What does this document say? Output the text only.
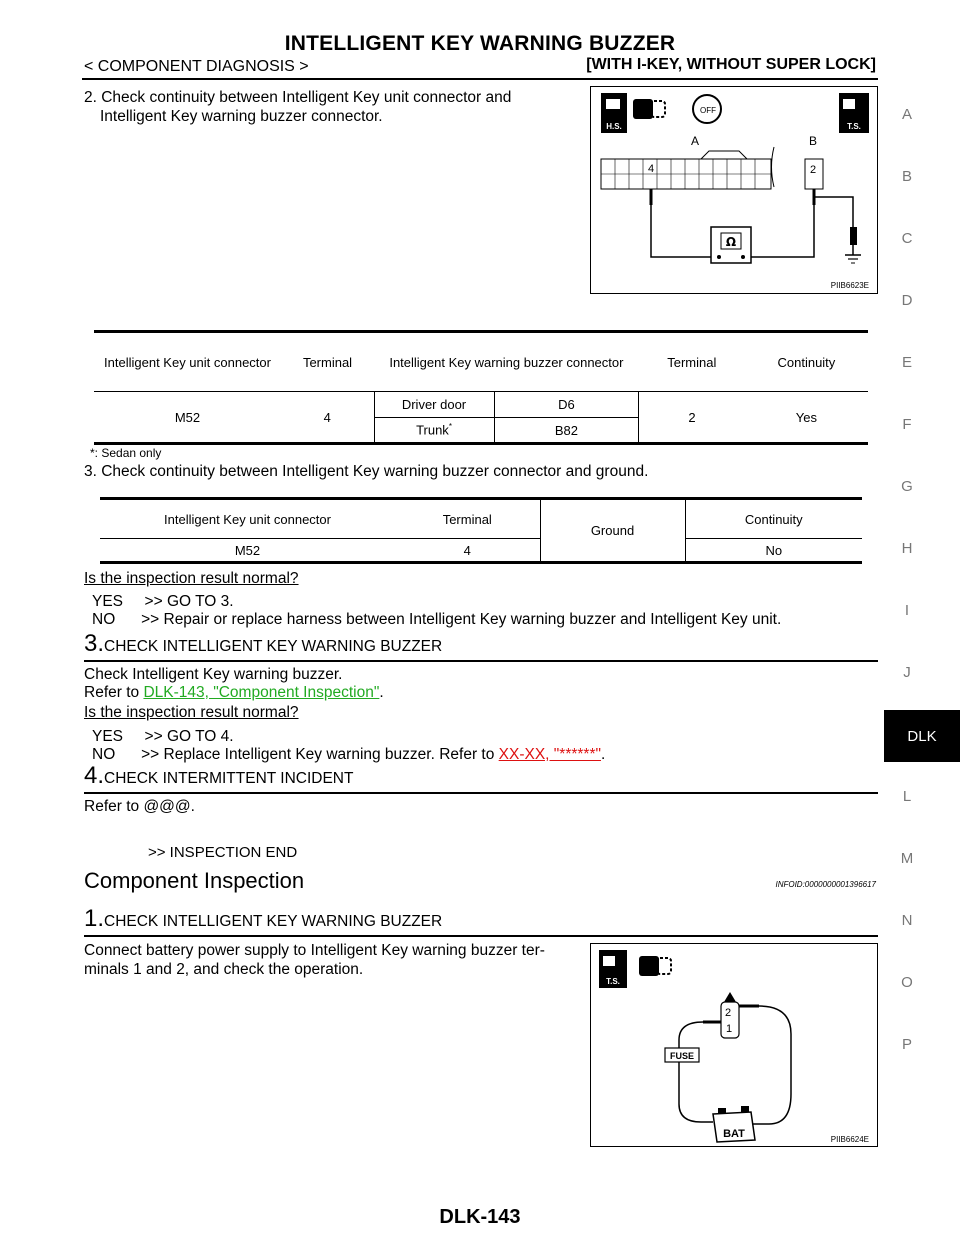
INTELLIGENT KEY WARNING BUZZER
< COMPONENT DIAGNOSIS >	[WITH I-KEY, WITHOUT SUPER LOCK]
A
B
C
D
E
F
G
H
I
J
DLK
L
M
N
O
P
2. Check continuity between Intelligent Key unit connector and
Intelligent Key warning buzzer connector.
H.S.
OFF
T.S.
A	B
4	2
Ω
PIIB6623E
Intelligent Key unit connector	Terminal	Intelligent Key warning buzzer connector		Terminal	Continuity
M52	4	Driver door	D6	2	Yes
		Trunk*	B82		
*: Sedan only
3. Check continuity between Intelligent Key warning buzzer connector and ground.
Intelligent Key unit connector	Terminal	Ground	Continuity
M52	4		No
Is the inspection result normal?
YES     >> GO TO 3.
NO      >> Repair or replace harness between Intelligent Key warning buzzer and Intelligent Key unit.
3.CHECK INTELLIGENT KEY WARNING BUZZER
Check Intelligent Key warning buzzer.
Refer to DLK-143, "Component Inspection".
Is the inspection result normal?
YES     >> GO TO 4.
NO      >> Replace Intelligent Key warning buzzer. Refer to XX-XX, "******".
4.CHECK INTERMITTENT INCIDENT
Refer to @@@.
>> INSPECTION END
Component Inspection	INFOID:0000000001396617
1.CHECK INTELLIGENT KEY WARNING BUZZER
Connect battery power supply to Intelligent Key warning buzzer ter-
minals 1 and 2, and check the operation.
T.S.
2
1
FUSE
BAT	PIIB6624E
DLK-143
